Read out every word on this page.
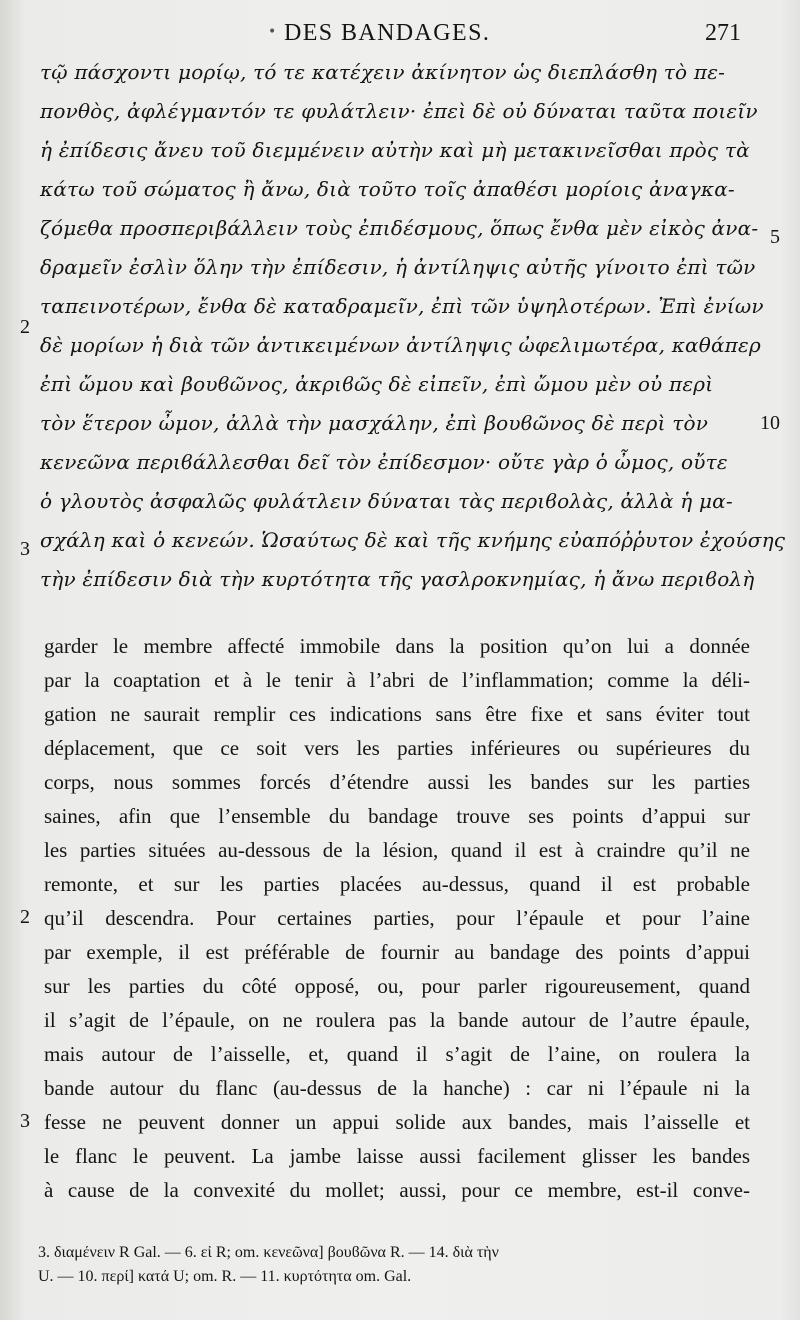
• DES BANDAGES.	271
τῷ πάσχοντι μορίῳ, τό τε κατέχειν ἀκίνητον ὡς διεπλάσθη τὸ πε-
πονθὸς, ἀφλέγμαντόν τε φυλάτλειν· ἐπεὶ δὲ οὐ δύναται ταῦτα ποιεῖν
ἡ ἐπίδεσις ἄνευ τοῦ διεμμένειν αὐτὴν καὶ μὴ μετακινεῖσθαι πρὸς τὰ
κάτω τοῦ σώματος ἢ ἄνω, διὰ τοῦτο τοῖς ἀπαθέσι μορίοις ἀναγκα-
ζόμεθα προσπεριβάλλειν τοὺς ἐπιδέσμους, ὅπως ἔνθα μὲν εἰκὸς ἀνα-
δραμεῖν ἐσλὶν ὅλην τὴν ἐπίδεσιν, ἡ ἀντίληψις αὐτῆς γίνοιτο ἐπὶ τῶν
ταπεινοτέρων, ἔνθα δὲ καταδραμεῖν, ἐπὶ τῶν ὑψηλοτέρων. Ἐπὶ ἐνίων
δὲ μορίων ἡ διὰ τῶν ἀντικειμένων ἀντίληψις ὠφελιμωτέρα, καθάπερ
ἐπὶ ὤμου καὶ βουϐῶνος, ἀκριϐῶς δὲ εἰπεῖν, ἐπὶ ὤμου μὲν οὐ περὶ
τὸν ἕτερον ὦμον, ἀλλὰ τὴν μασχάλην, ἐπὶ βουϐῶνος δὲ περὶ τὸν
κενεῶνα περιϐάλλεσθαι δεῖ τὸν ἐπίδεσμον· οὔτε γὰρ ὁ ὦμος, οὔτε
ὁ γλουτὸς ἀσφαλῶς φυλάτλειν δύναται τὰς περιϐολὰς, ἀλλὰ ἡ μα-
σχάλη καὶ ὁ κενεών. Ὡσαύτως δὲ καὶ τῆς κνήμης εὐαπόῤῥυτον ἐχούσης
τὴν ἐπίδεσιν διὰ τὴν κυρτότητα τῆς γασλροκνημίας, ἡ ἄνω περιϐολὴ
2
3
5
10
garder le membre affecté immobile dans la position qu’on lui a donnée
par la coaptation et à le tenir à l’abri de l’inflammation; comme la déli-
gation ne saurait remplir ces indications sans être fixe et sans éviter tout
déplacement, que ce soit vers les parties inférieures ou supérieures du
corps, nous sommes forcés d’étendre aussi les bandes sur les parties
saines, afin que l’ensemble du bandage trouve ses points d’appui sur
les parties situées au-dessous de la lésion, quand il est à craindre qu’il ne
remonte, et sur les parties placées au-dessus, quand il est probable
qu’il descendra. Pour certaines parties, pour l’épaule et pour l’aine
par exemple, il est préférable de fournir au bandage des points d’appui
sur les parties du côté opposé, ou, pour parler rigoureusement, quand
il s’agit de l’épaule, on ne roulera pas la bande autour de l’autre épaule,
mais autour de l’aisselle, et, quand il s’agit de l’aine, on roulera la
bande autour du flanc (au-dessus de la hanche) : car ni l’épaule ni la
fesse ne peuvent donner un appui solide aux bandes, mais l’aisselle et
le flanc le peuvent. La jambe laisse aussi facilement glisser les bandes
à cause de la convexité du mollet; aussi, pour ce membre, est-il conve-
2
3
3. διαμένειν R Gal. — 6. εἰ R; om. κενεῶνα] βουϐῶνα R. — 14. διὰ τὴν
U. — 10. περί] κατά U; om. R. — 11. κυρτότητα om. Gal.
